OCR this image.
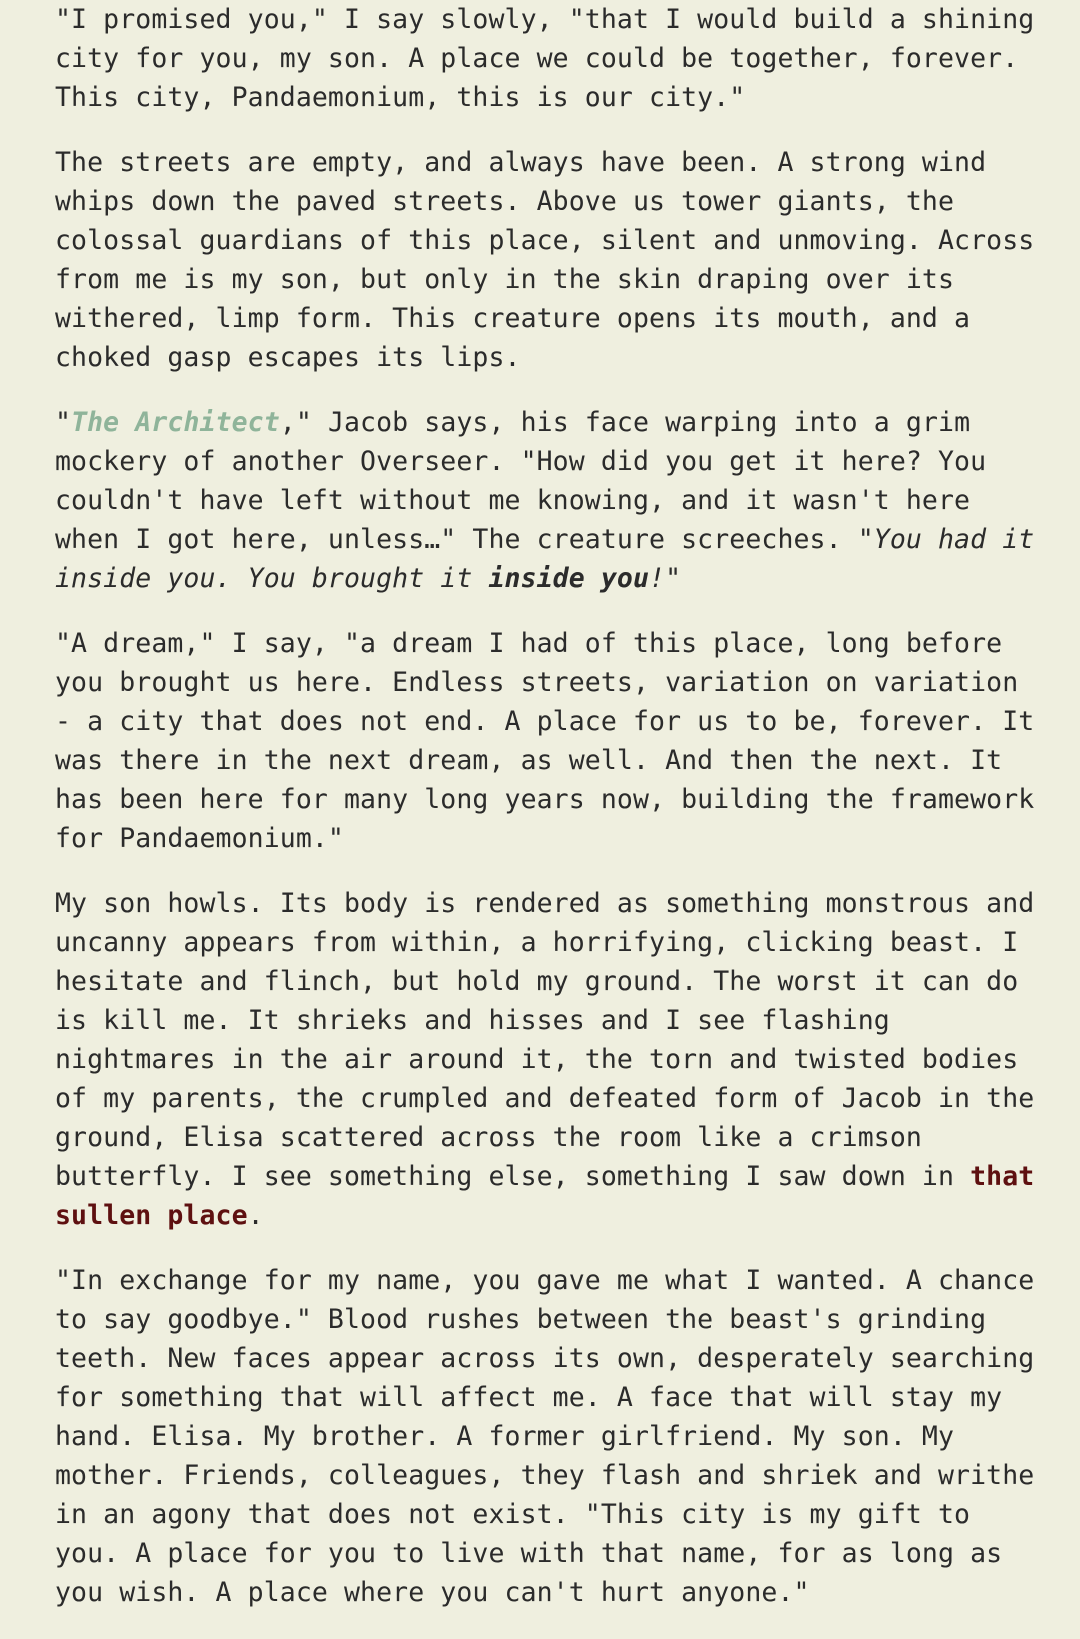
"I promised you," I say slowly, "that I would build a shining city for you, my son. A place we could be together, forever. This city, Pandaemonium, this is our city."

The streets are empty, and always have been. A strong wind whips down the paved streets. Above us tower giants, the colossal guardians of this place, silent and unmoving. Across from me is my son, but only in the skin draping over its withered, limp form. This creature opens its mouth, and a choked gasp escapes its lips.

"The Architect," Jacob says, his face warping into a grim mockery of another Overseer. "How did you get it here? You couldn't have left without me knowing, and it wasn't here when I got here, unless…" The creature screeches. "You had it inside you. You brought it inside you!"

"A dream," I say, "a dream I had of this place, long before you brought us here. Endless streets, variation on variation - a city that does not end. A place for us to be, forever. It was there in the next dream, as well. And then the next. It has been here for many long years now, building the framework for Pandaemonium."

My son howls. Its body is rendered as something monstrous and uncanny appears from within, a horrifying, clicking beast. I hesitate and flinch, but hold my ground. The worst it can do is kill me. It shrieks and hisses and I see flashing nightmares in the air around it, the torn and twisted bodies of my parents, the crumpled and defeated form of Jacob in the ground, Elisa scattered across the room like a crimson butterfly. I see something else, something I saw down in that sullen place.

"In exchange for my name, you gave me what I wanted. A chance to say goodbye." Blood rushes between the beast's grinding teeth. New faces appear across its own, desperately searching for something that will affect me. A face that will stay my hand. Elisa. My brother. A former girlfriend. My son. My mother. Friends, colleagues, they flash and shriek and writhe in an agony that does not exist. "This city is my gift to you. A place for you to live with that name, for as long as you wish. A place where you can't hurt anyone."
